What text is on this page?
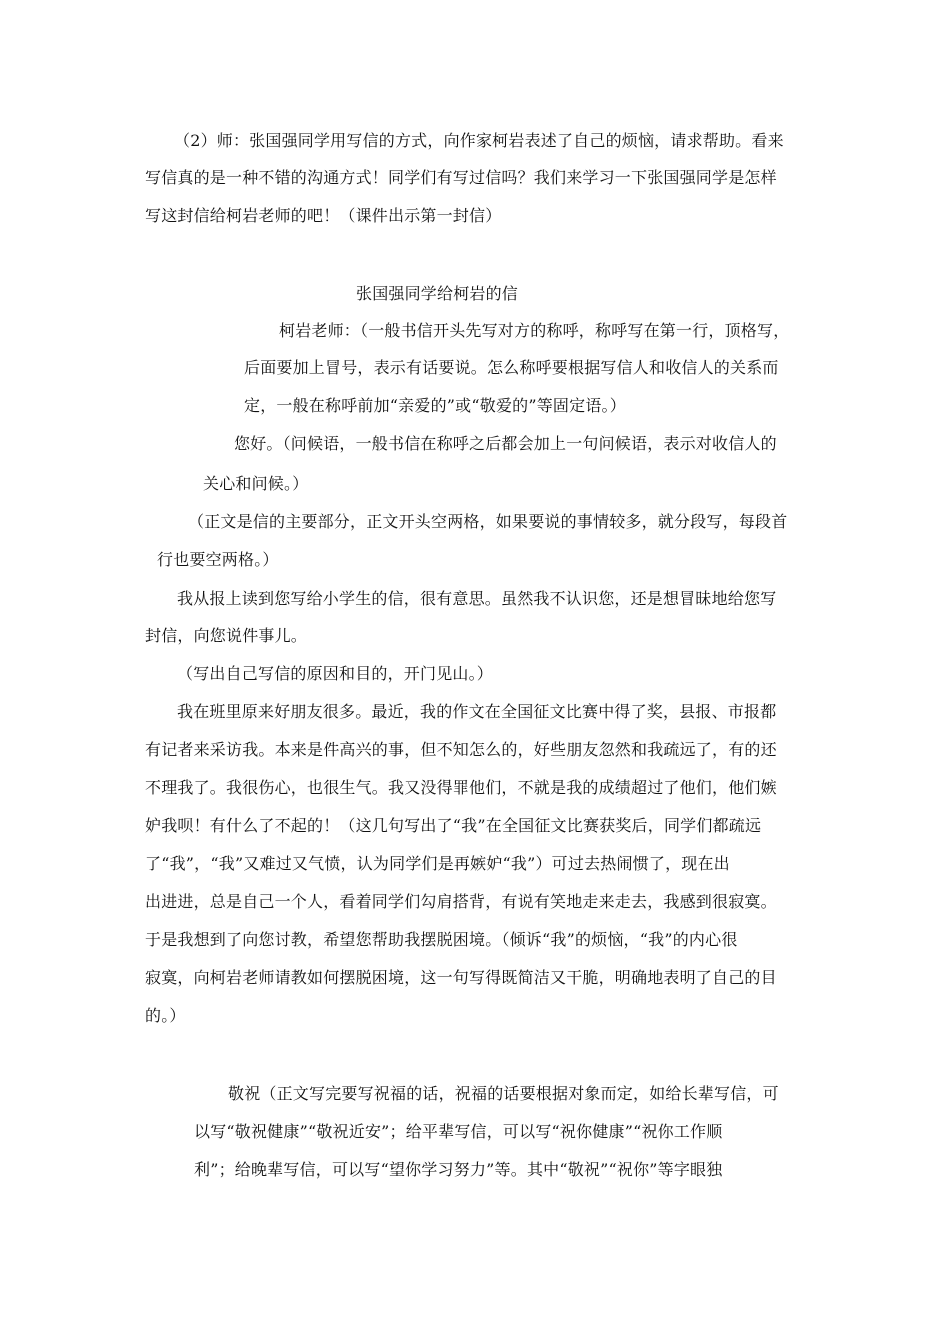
（2）师：张国强同学用写信的方式，向作家柯岩表述了自己的烦恼，请求帮助。看来
写信真的是一种不错的沟通方式！同学们有写过信吗？我们来学习一下张国强同学是怎样
写这封信给柯岩老师的吧！（课件出示第一封信）
张国强同学给柯岩的信
柯岩老师：（一般书信开头先写对方的称呼，称呼写在第一行，顶格写，
后面要加上冒号，表示有话要说。怎么称呼要根据写信人和收信人的关系而
定，一般在称呼前加“亲爱的”或“敬爱的”等固定语。）
您好。（问候语，一般书信在称呼之后都会加上一句问候语，表示对收信人的
关心和问候。）
（正文是信的主要部分，正文开头空两格，如果要说的事情较多，就分段写，每段首
行也要空两格。）
我从报上读到您写给小学生的信，很有意思。虽然我不认识您，还是想冒昧地给您写
封信，向您说件事儿。
（写出自己写信的原因和目的，开门见山。）
我在班里原来好朋友很多。最近，我的作文在全国征文比赛中得了奖，县报、市报都
有记者来采访我。本来是件高兴的事，但不知怎么的，好些朋友忽然和我疏远了，有的还
不理我了。我很伤心，也很生气。我又没得罪他们，不就是我的成绩超过了他们，他们嫉
妒我呗！有什么了不起的！（这几句写出了“我”在全国征文比赛获奖后，同学们都疏远
了“我”，“我”又难过又气愤，认为同学们是再嫉妒“我”）可过去热闹惯了，现在出
出进进，总是自己一个人，看着同学们勾肩搭背，有说有笑地走来走去，我感到很寂寞。
于是我想到了向您讨教，希望您帮助我摆脱困境。（倾诉“我”的烦恼，“我”的内心很
寂寞，向柯岩老师请教如何摆脱困境，这一句写得既简洁又干脆，明确地表明了自己的目
的。）
敬祝（正文写完要写祝福的话，祝福的话要根据对象而定，如给长辈写信，可
以写“敬祝健康”“敬祝近安”；给平辈写信，可以写“祝你健康”“祝你工作顺
利”；给晚辈写信，可以写“望你学习努力”等。其中“敬祝”“祝你”等字眼独
